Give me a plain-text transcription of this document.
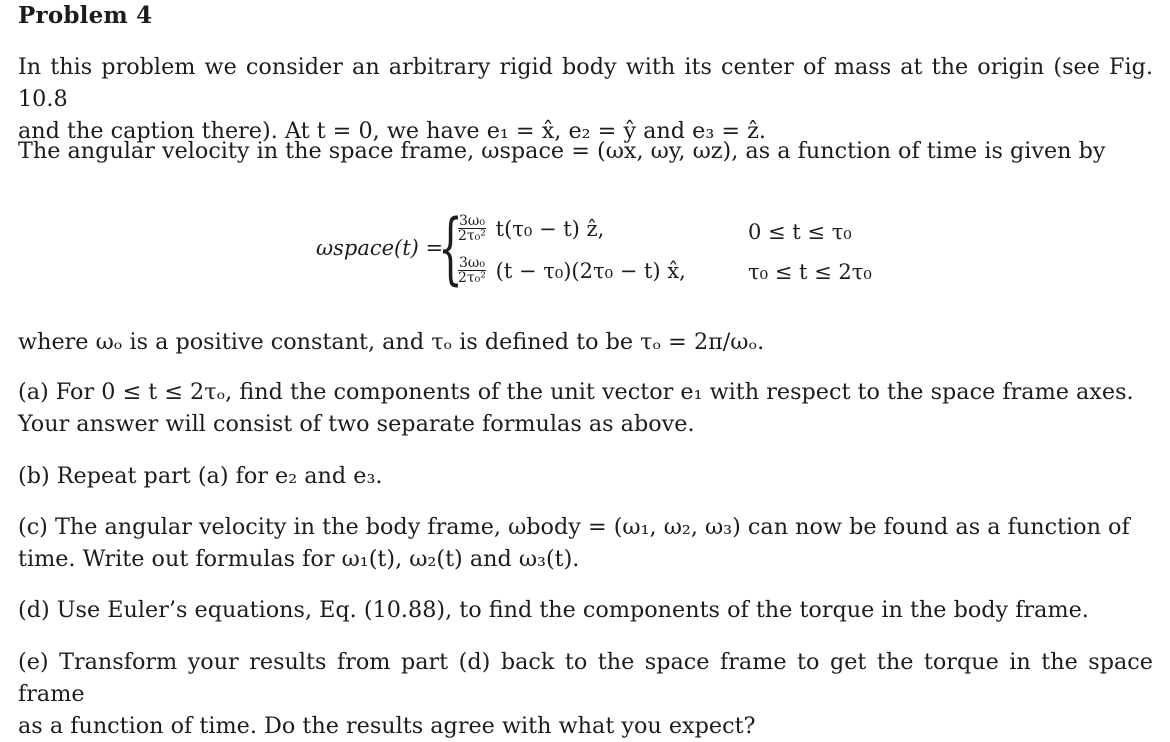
Problem 4
In this problem we consider an arbitrary rigid body with its center of mass at the origin (see Fig. 10.8
and the caption there). At t = 0, we have e₁ = x̂, e₂ = ŷ and e₃ = ẑ.
The angular velocity in the space frame, ωspace = (ωx, ωy, ωz), as a function of time is given by
ωspace(t) =
{
$\frac{\text{3ω₀}}{\text{2τ₀²}} t(\tau_0 - t)$ ẑ,	0 ≤ t ≤ τ₀
$\frac{\text{3ω₀}}{\text{2τ₀²}} (t - \tau_0)(2\tau_0 - t)$ x̂,	τ₀ ≤ t ≤ 2τ₀
where ωₒ is a positive constant, and τₒ is defined to be τₒ = 2π/ωₒ.
(a) For 0 ≤ t ≤ 2τₒ, find the components of the unit vector e₁ with respect to the space frame axes.
Your answer will consist of two separate formulas as above.
(b) Repeat part (a) for e₂ and e₃.
(c) The angular velocity in the body frame, ωbody = (ω₁, ω₂, ω₃) can now be found as a function of
time. Write out formulas for ω₁(t), ω₂(t) and ω₃(t).
(d) Use Euler’s equations, Eq. (10.88), to find the components of the torque in the body frame.
(e) Transform your results from part (d) back to the space frame to get the torque in the space frame
as a function of time. Do the results agree with what you expect?
